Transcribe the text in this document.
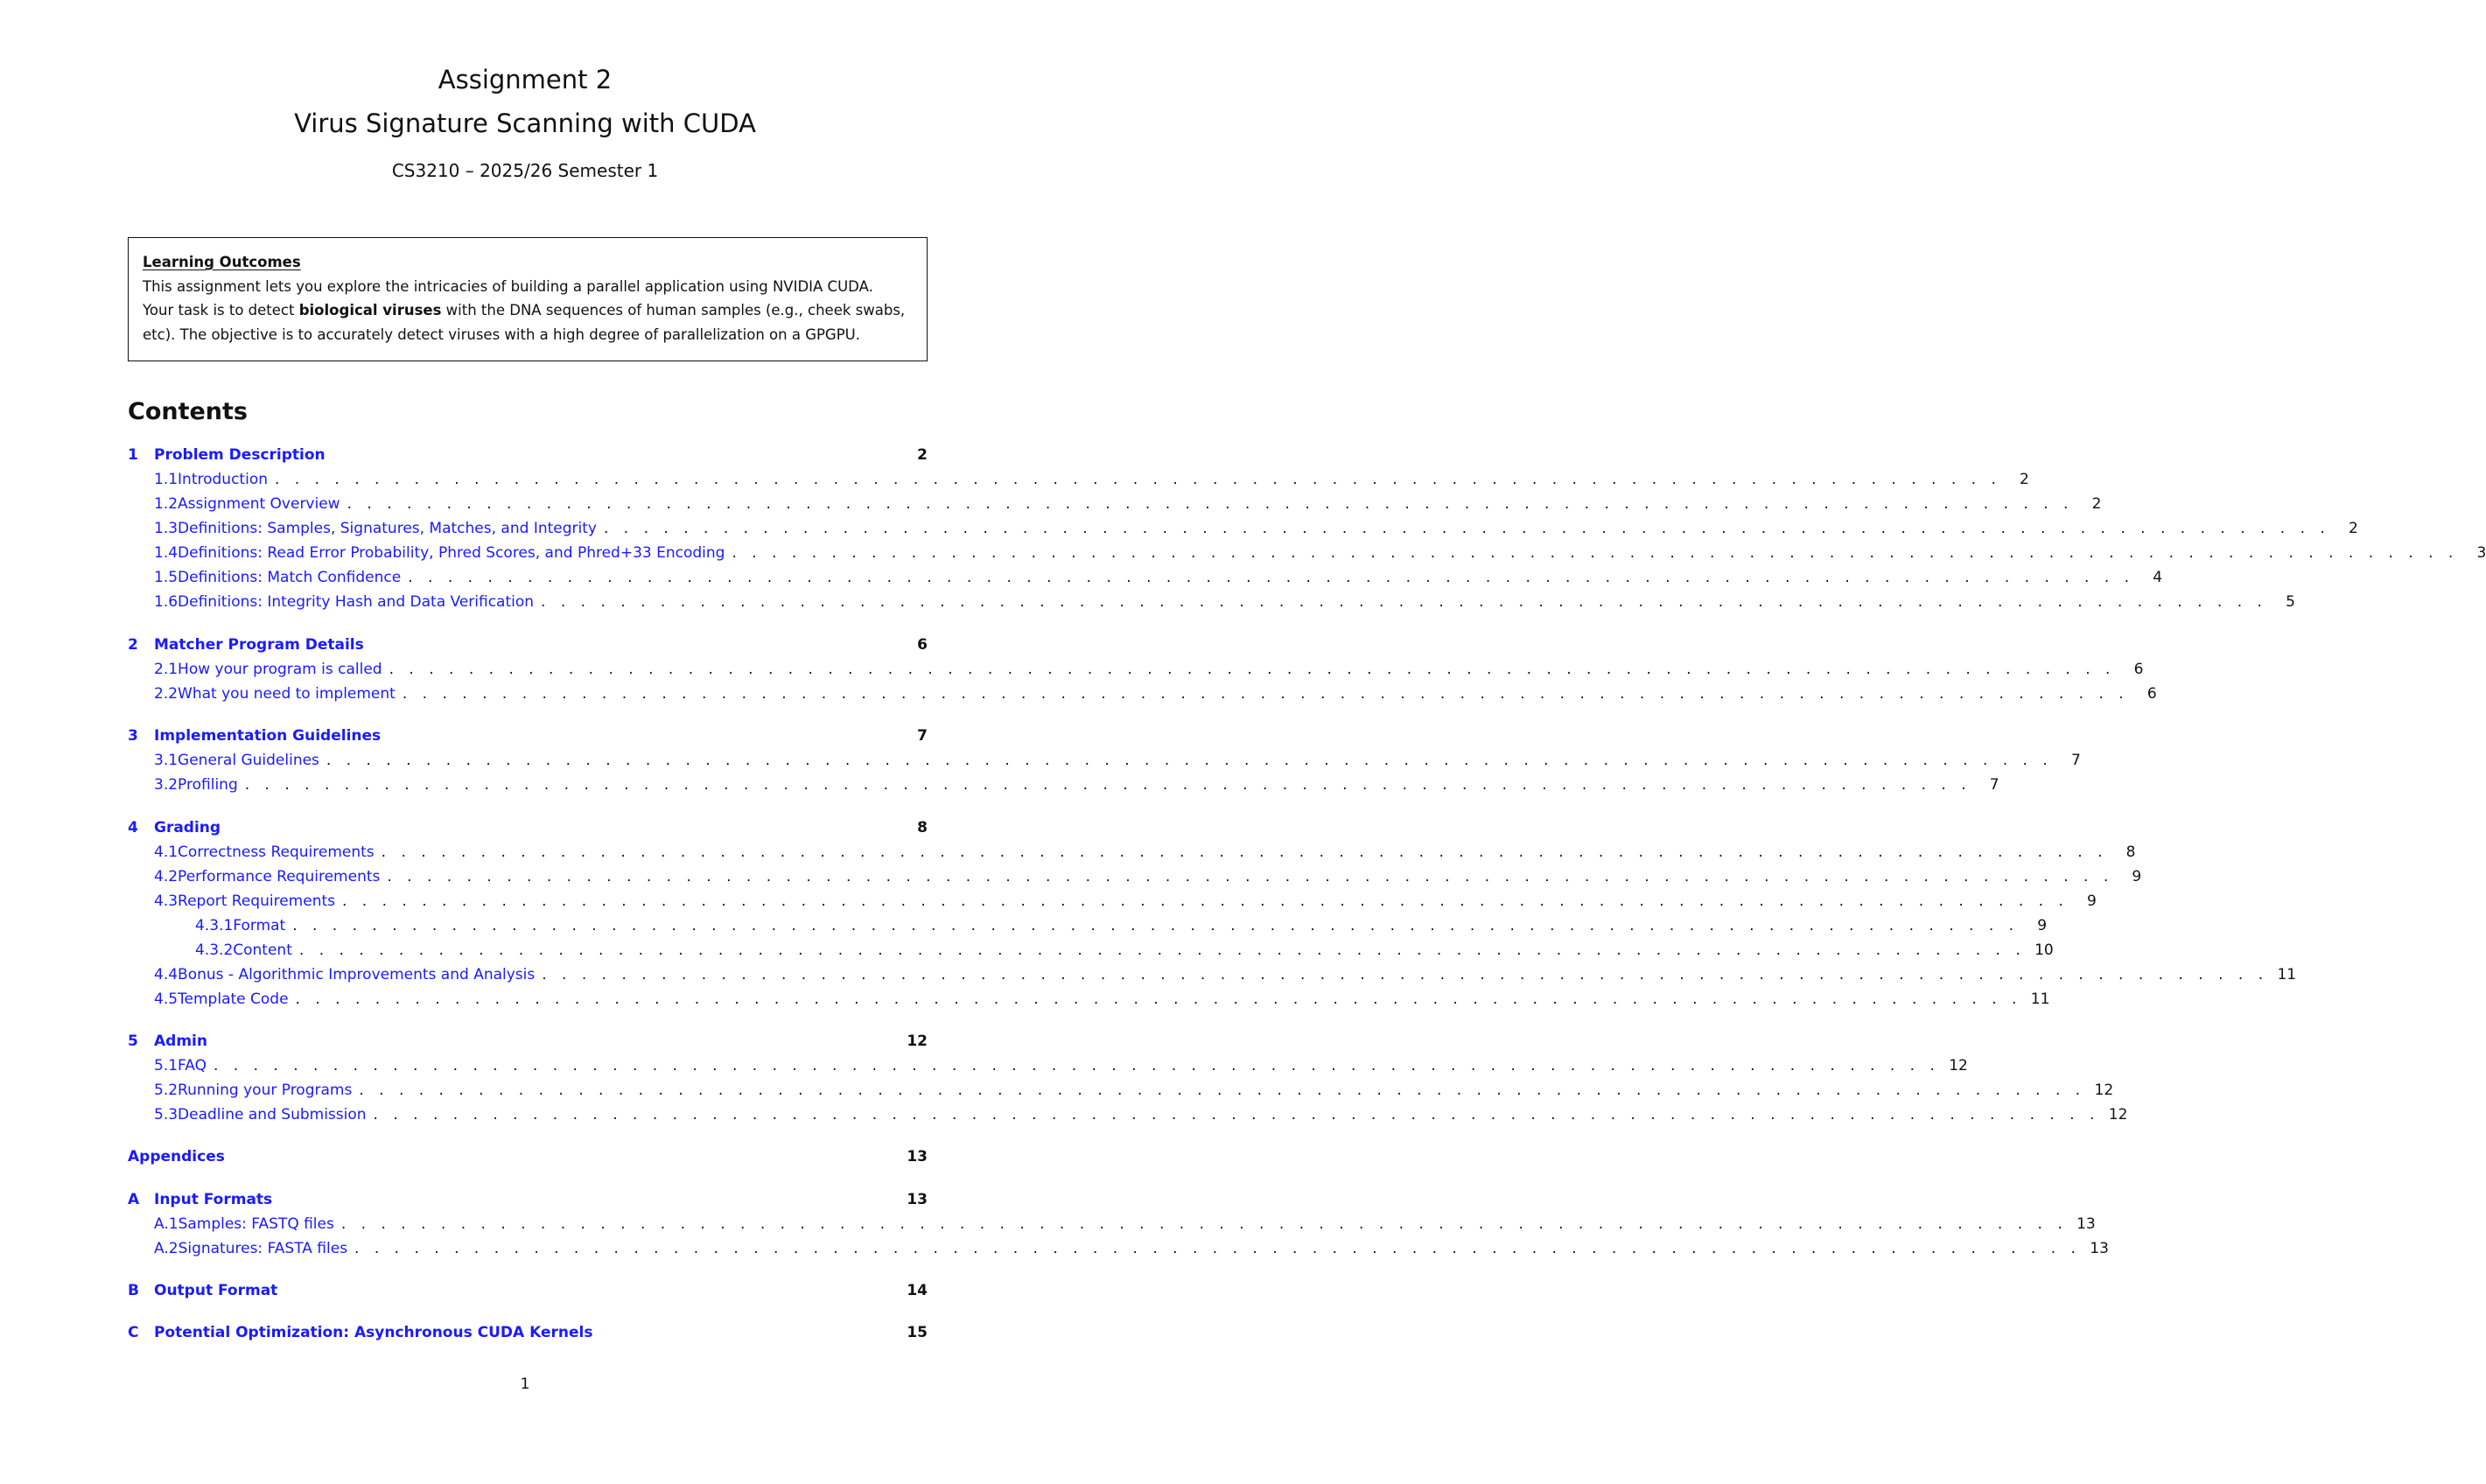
Assignment 2
Virus Signature Scanning with CUDA
CS3210 – 2025/26 Semester 1

Learning Outcomes

This assignment lets you explore the intricacies of building a parallel application using NVIDIA CUDA.

Your task is to detect biological viruses with the DNA sequences of human samples (e.g., cheek swabs,

etc). The objective is to accurately detect viruses with a high degree of parallelization on a GPGPU.

Contents
1	Problem Description	2
1.1 Introduction . . . . . . . . . . . . . . . . . . . . . . . . . . . . . . . . . . . . . . . . . . . . . . . . . . . . . . . . . . . . . . . . . . . . . . . . . . . . . . . . . . . . . . .	2
1.2 Assignment Overview . . . . . . . . . . . . . . . . . . . . . . . . . . . . . . . . . . . . . . . . . . . . . . . . . . . . . . . . . . . . . . . . . . . . . . . . . . . . . . . . . . . . . . .	2
1.3 Definitions: Samples, Signatures, Matches, and Integrity . . . . . . . . . . . . . . . . . . . . . . . . . . . . . . . . . . . . . . . . . . . . . . . . . . . . . . . . . . . . . . . . . . . . . . . . . . . . . . . . . . . . . . .	2
1.4 Definitions: Read Error Probability, Phred Scores, and Phred+33 Encoding . . . . . . . . . . . . . . . . . . . . . . . . . . . . . . . . . . . . . . . . . . . . . . . . . . . . . . . . . . . . . . . . . . . . . . . . . . . . . . . . . . . . . . .	3
1.5 Definitions: Match Confidence . . . . . . . . . . . . . . . . . . . . . . . . . . . . . . . . . . . . . . . . . . . . . . . . . . . . . . . . . . . . . . . . . . . . . . . . . . . . . . . . . . . . . . .	4
1.6 Definitions: Integrity Hash and Data Verification . . . . . . . . . . . . . . . . . . . . . . . . . . . . . . . . . . . . . . . . . . . . . . . . . . . . . . . . . . . . . . . . . . . . . . . . . . . . . . . . . . . . . . .	5
2	Matcher Program Details	6
2.1 How your program is called . . . . . . . . . . . . . . . . . . . . . . . . . . . . . . . . . . . . . . . . . . . . . . . . . . . . . . . . . . . . . . . . . . . . . . . . . . . . . . . . . . . . . . .	6
2.2 What you need to implement . . . . . . . . . . . . . . . . . . . . . . . . . . . . . . . . . . . . . . . . . . . . . . . . . . . . . . . . . . . . . . . . . . . . . . . . . . . . . . . . . . . . . . .	6
3	Implementation Guidelines	7
3.1 General Guidelines . . . . . . . . . . . . . . . . . . . . . . . . . . . . . . . . . . . . . . . . . . . . . . . . . . . . . . . . . . . . . . . . . . . . . . . . . . . . . . . . . . . . . . .	7
3.2 Profiling . . . . . . . . . . . . . . . . . . . . . . . . . . . . . . . . . . . . . . . . . . . . . . . . . . . . . . . . . . . . . . . . . . . . . . . . . . . . . . . . . . . . . . .	7
4	Grading	8
4.1 Correctness Requirements . . . . . . . . . . . . . . . . . . . . . . . . . . . . . . . . . . . . . . . . . . . . . . . . . . . . . . . . . . . . . . . . . . . . . . . . . . . . . . . . . . . . . . .	8
4.2 Performance Requirements . . . . . . . . . . . . . . . . . . . . . . . . . . . . . . . . . . . . . . . . . . . . . . . . . . . . . . . . . . . . . . . . . . . . . . . . . . . . . . . . . . . . . . .	9
4.3 Report Requirements . . . . . . . . . . . . . . . . . . . . . . . . . . . . . . . . . . . . . . . . . . . . . . . . . . . . . . . . . . . . . . . . . . . . . . . . . . . . . . . . . . . . . . .	9
4.3.1 Format . . . . . . . . . . . . . . . . . . . . . . . . . . . . . . . . . . . . . . . . . . . . . . . . . . . . . . . . . . . . . . . . . . . . . . . . . . . . . . . . . . . . . . .	9
4.3.2 Content . . . . . . . . . . . . . . . . . . . . . . . . . . . . . . . . . . . . . . . . . . . . . . . . . . . . . . . . . . . . . . . . . . . . . . . . . . . . . . . . . . . . . . . 10
4.4 Bonus - Algorithmic Improvements and Analysis . . . . . . . . . . . . . . . . . . . . . . . . . . . . . . . . . . . . . . . . . . . . . . . . . . . . . . . . . . . . . . . . . . . . . . . . . . . . . . . . . . . . . . . 11
4.5 Template Code . . . . . . . . . . . . . . . . . . . . . . . . . . . . . . . . . . . . . . . . . . . . . . . . . . . . . . . . . . . . . . . . . . . . . . . . . . . . . . . . . . . . . . . 11
5	Admin	12
5.1 FAQ . . . . . . . . . . . . . . . . . . . . . . . . . . . . . . . . . . . . . . . . . . . . . . . . . . . . . . . . . . . . . . . . . . . . . . . . . . . . . . . . . . . . . . . 12
5.2 Running your Programs . . . . . . . . . . . . . . . . . . . . . . . . . . . . . . . . . . . . . . . . . . . . . . . . . . . . . . . . . . . . . . . . . . . . . . . . . . . . . . . . . . . . . . . 12
5.3 Deadline and Submission . . . . . . . . . . . . . . . . . . . . . . . . . . . . . . . . . . . . . . . . . . . . . . . . . . . . . . . . . . . . . . . . . . . . . . . . . . . . . . . . . . . . . . . 12
Appendices	13
A Input Formats	13
A.1 Samples: FASTQ files . . . . . . . . . . . . . . . . . . . . . . . . . . . . . . . . . . . . . . . . . . . . . . . . . . . . . . . . . . . . . . . . . . . . . . . . . . . . . . . . . . . . . . . 13
A.2 Signatures: FASTA files . . . . . . . . . . . . . . . . . . . . . . . . . . . . . . . . . . . . . . . . . . . . . . . . . . . . . . . . . . . . . . . . . . . . . . . . . . . . . . . . . . . . . . . 13
B	Output Format	14
C	Potential Optimization: Asynchronous CUDA Kernels	15
1
